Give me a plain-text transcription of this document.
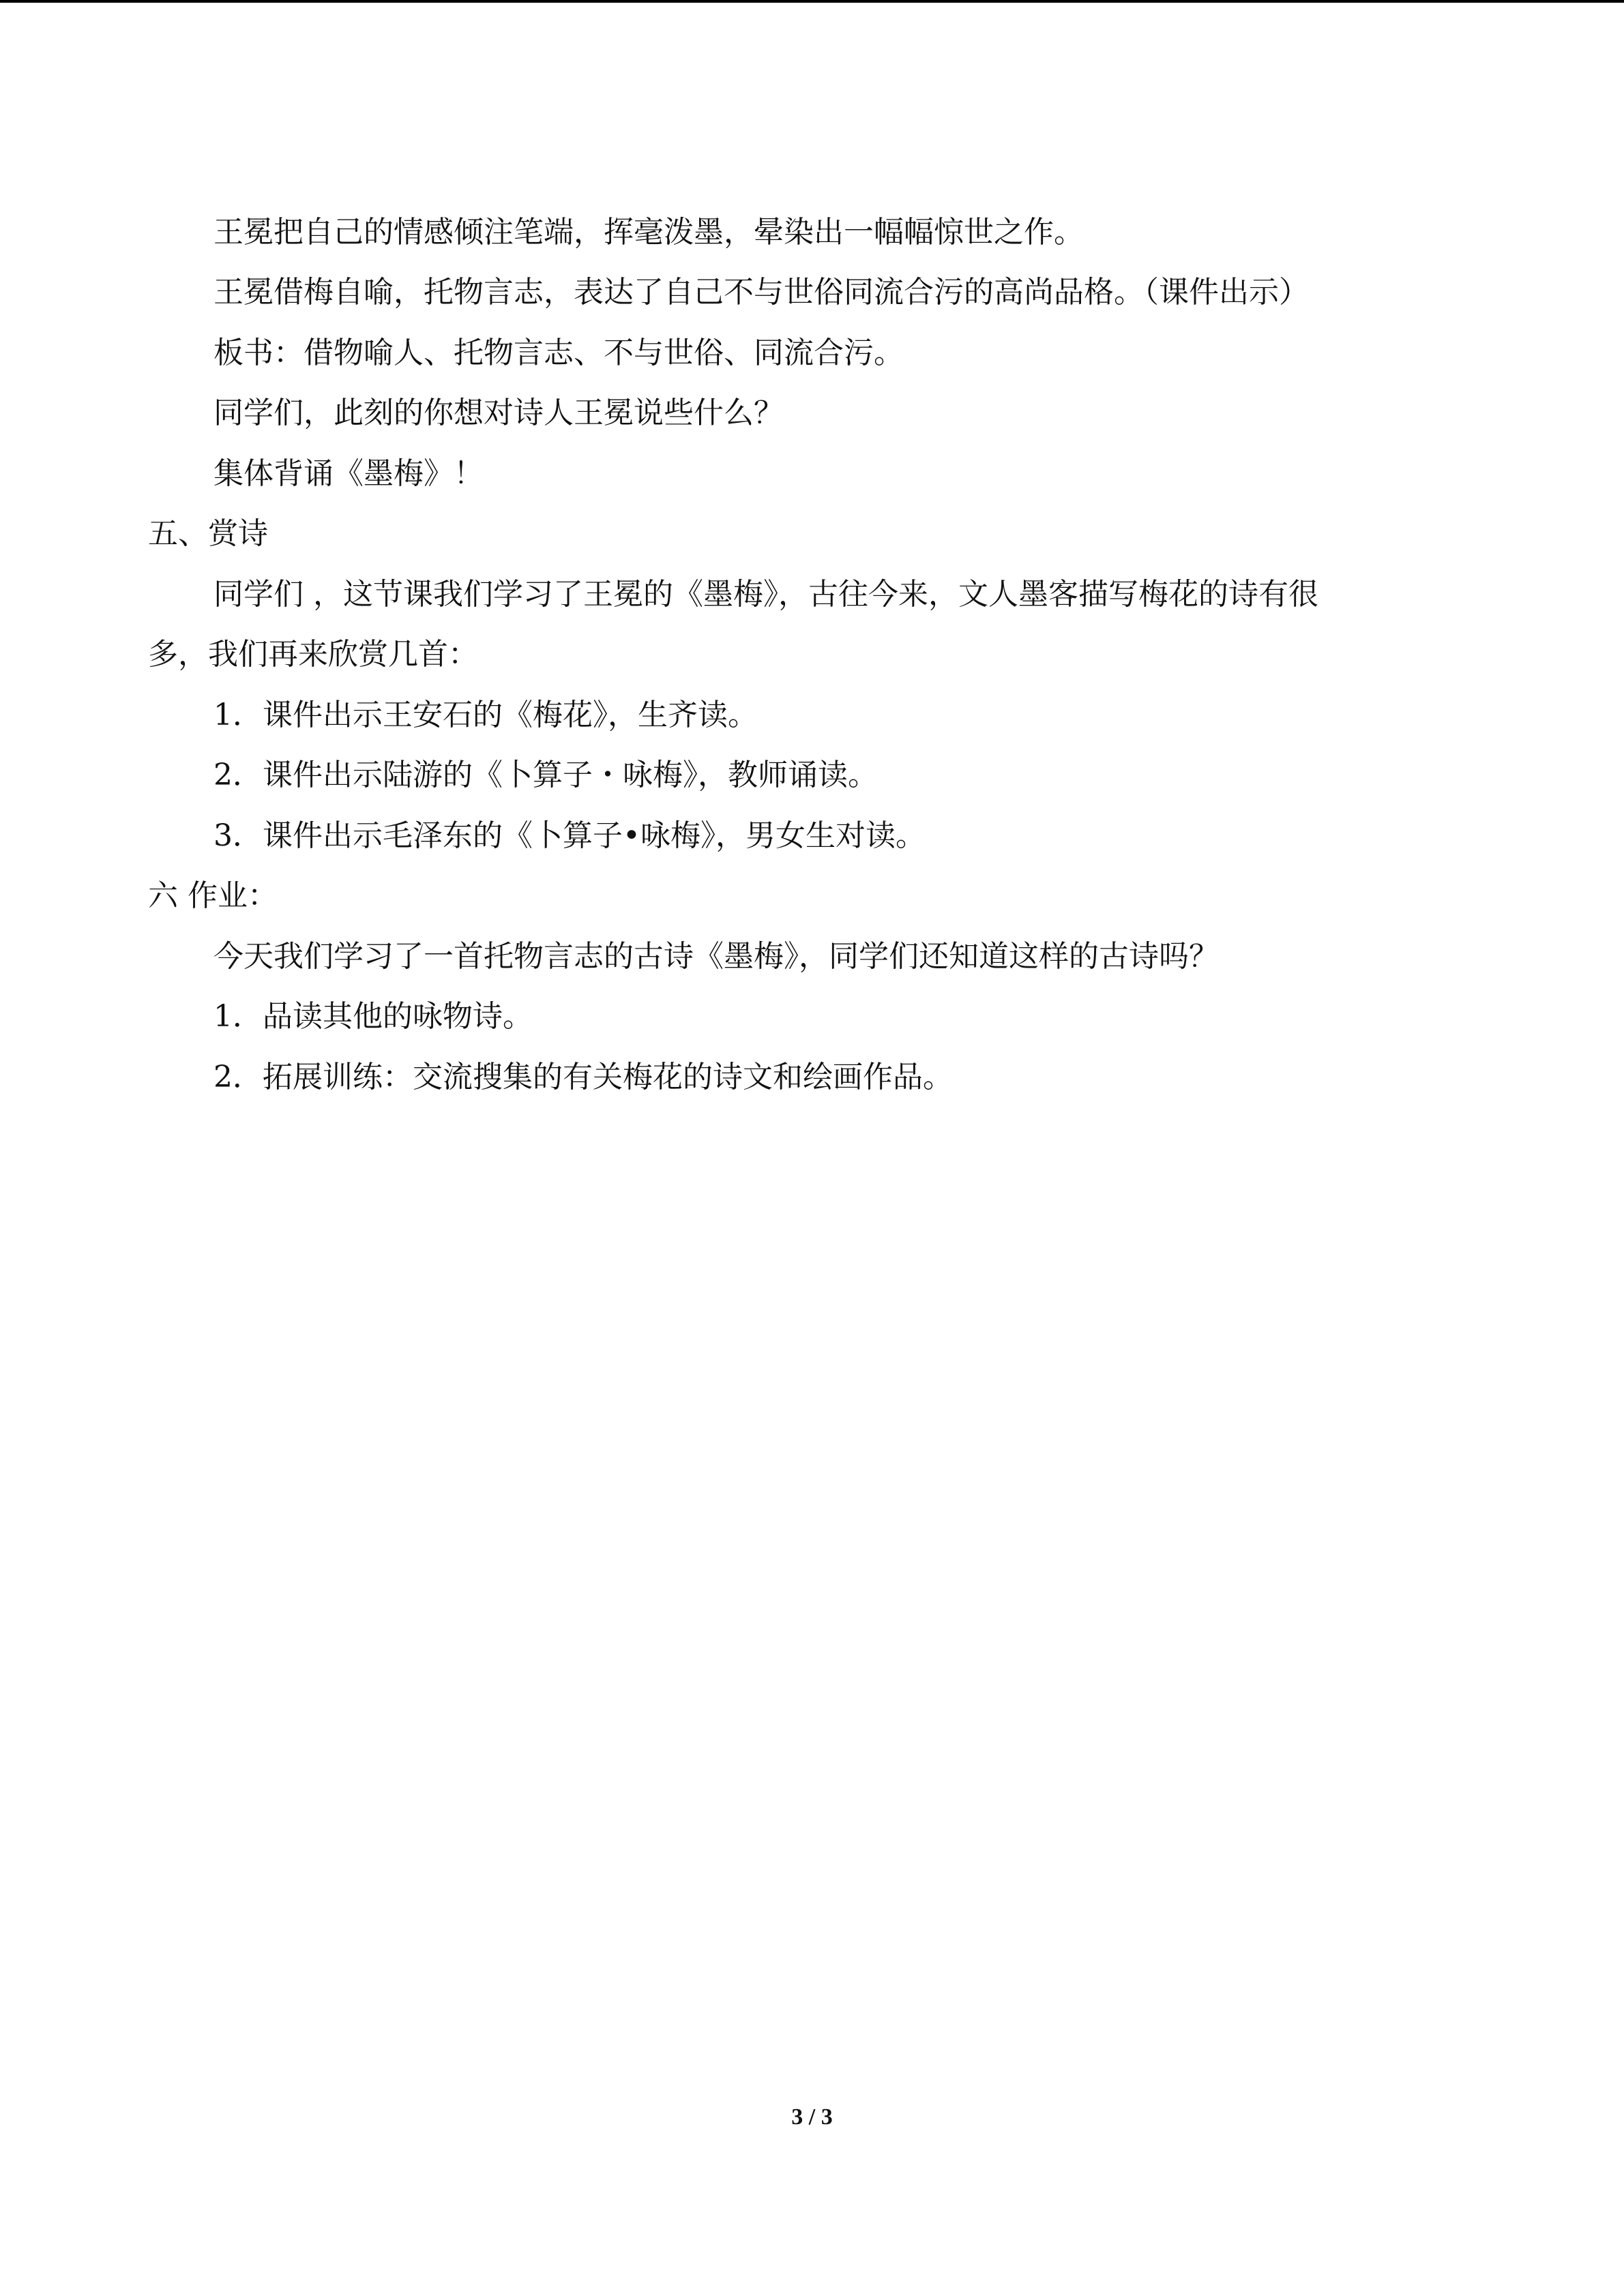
王冕把自己的情感倾注笔端，挥毫泼墨，晕染出一幅幅惊世之作。
王冕借梅自喻，托物言志，表达了自己不与世俗同流合污的高尚品格。（课件出示）
板书：借物喻人、托物言志、不与世俗、同流合污。
同学们，此刻的你想对诗人王冕说些什么？
集体背诵《墨梅》！
五、赏诗
同学们 ，这节课我们学习了王冕的《墨梅》，古往今来，文人墨客描写梅花的诗有很
多，我们再来欣赏几首：
1．课件出示王安石的《梅花》，生齐读。
2．课件出示陆游的《卜算子・咏梅》，教师诵读。
3．课件出示毛泽东的《卜算子•咏梅》，男女生对读。
六 作业：
今天我们学习了一首托物言志的古诗《墨梅》，同学们还知道这样的古诗吗？
1．品读其他的咏物诗。
2．拓展训练：交流搜集的有关梅花的诗文和绘画作品。
3 / 3
